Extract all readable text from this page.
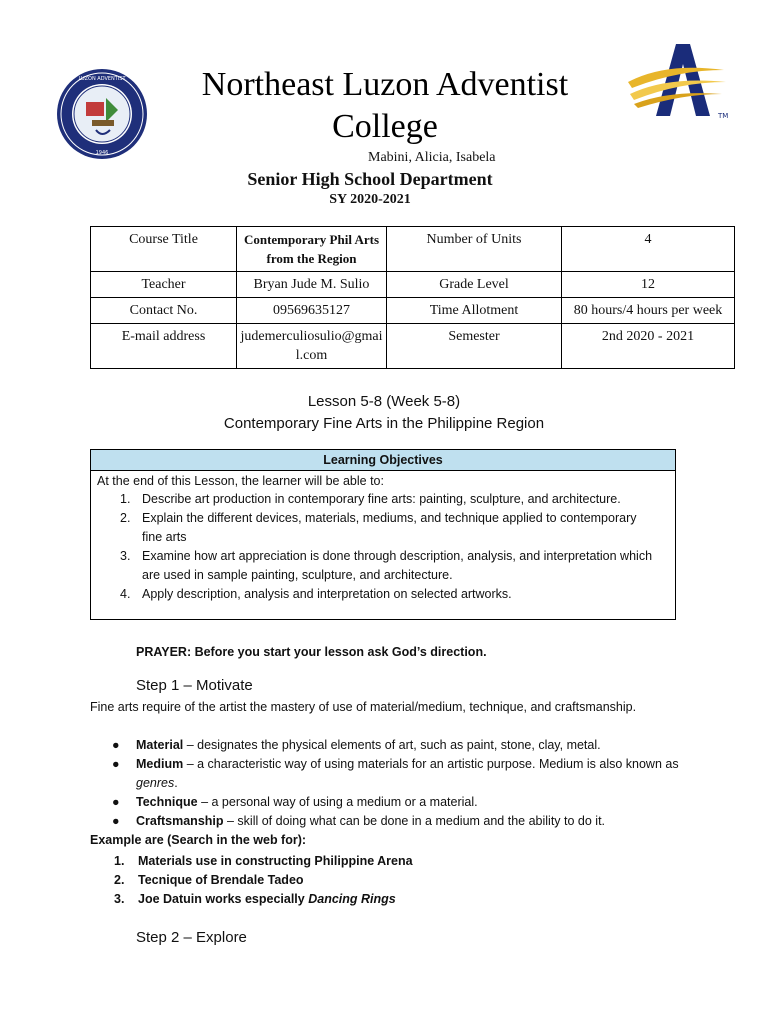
LUZON ADVENTIST
1946
TM
Northeast Luzon Adventist College
Mabini, Alicia, Isabela
Senior High School Department
SY 2020-2021
Course Title	Contemporary Phil Arts from the Region	Number of Units	4
Teacher	Bryan Jude M. Sulio	Grade Level	12
Contact No.	09569635127	Time Allotment	80 hours/4 hours per week
E-mail address	judemerculiosulio@gmail.com	Semester	2nd 2020 - 2021
Lesson 5-8 (Week 5-8)
Contemporary Fine Arts in the Philippine Region
Learning Objectives
At the end of this Lesson, the learner will be able to:
1. Describe art production in contemporary fine arts: painting, sculpture, and architecture.
2. Explain the different devices, materials, mediums, and technique applied to contemporary fine arts
3. Examine how art appreciation is done through description, analysis, and interpretation which are used in sample painting, sculpture, and architecture.
4. Apply description, analysis and interpretation on selected artworks.
PRAYER: Before you start your lesson ask God’s direction.
Step 1 – Motivate
Fine arts require of the artist the mastery of use of material/medium, technique, and craftsmanship.
● Material – designates the physical elements of art, such as paint, stone, clay, metal.
● Medium – a characteristic way of using materials for an artistic purpose. Medium is also known as genres.
● Technique – a personal way of using a medium or a material.
● Craftsmanship – skill of doing what can be done in a medium and the ability to do it.
Example are (Search in the web for):
1. Materials use in constructing Philippine Arena
2. Tecnique of Brendale Tadeo
3. Joe Datuin works especially Dancing Rings
Step 2 – Explore
